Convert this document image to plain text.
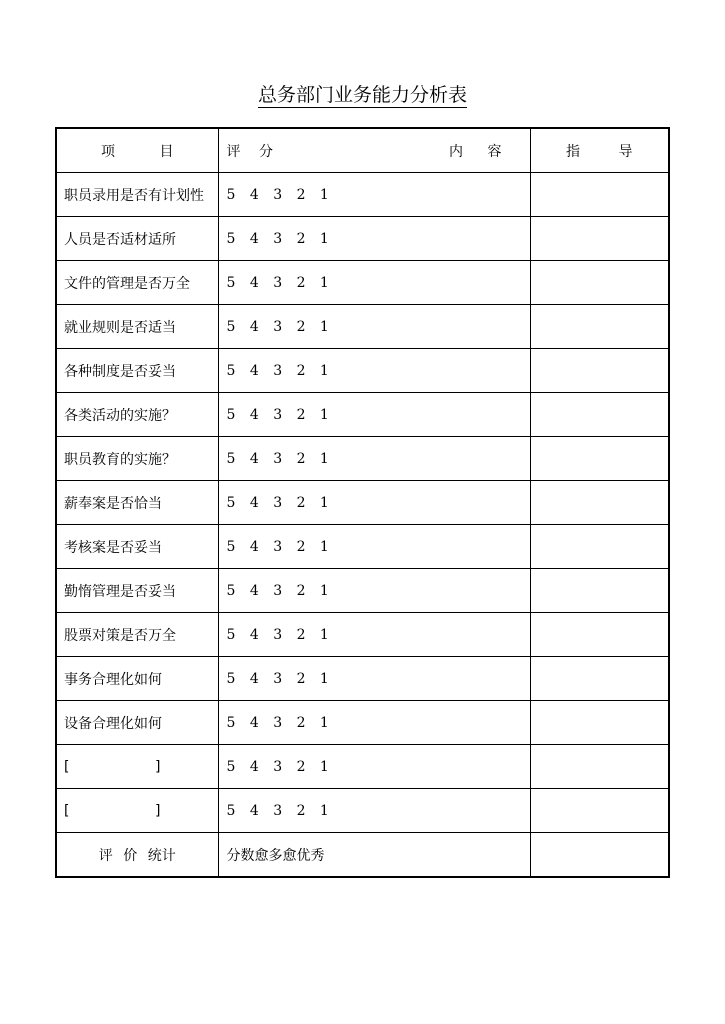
总务部门业务能力分析表
项 目	评 分 内 容	指 导
职员录用是否有计划性	5 4 3 2 1	
人员是否适材适所	5 4 3 2 1	
文件的管理是否万全	5 4 3 2 1	
就业规则是否适当	5 4 3 2 1	
各种制度是否妥当	5 4 3 2 1	
各类活动的实施？	5 4 3 2 1	
职员教育的实施？	5 4 3 2 1	
薪奉案是否恰当	5 4 3 2 1	
考核案是否妥当	5 4 3 2 1	
勤惰管理是否妥当	5 4 3 2 1	
股票对策是否万全	5 4 3 2 1	
事务合理化如何	5 4 3 2 1	
设备合理化如何	5 4 3 2 1	
[ ]	5 4 3 2 1	
[ ]	5 4 3 2 1	
评 价 统计	分数愈多愈优秀	
